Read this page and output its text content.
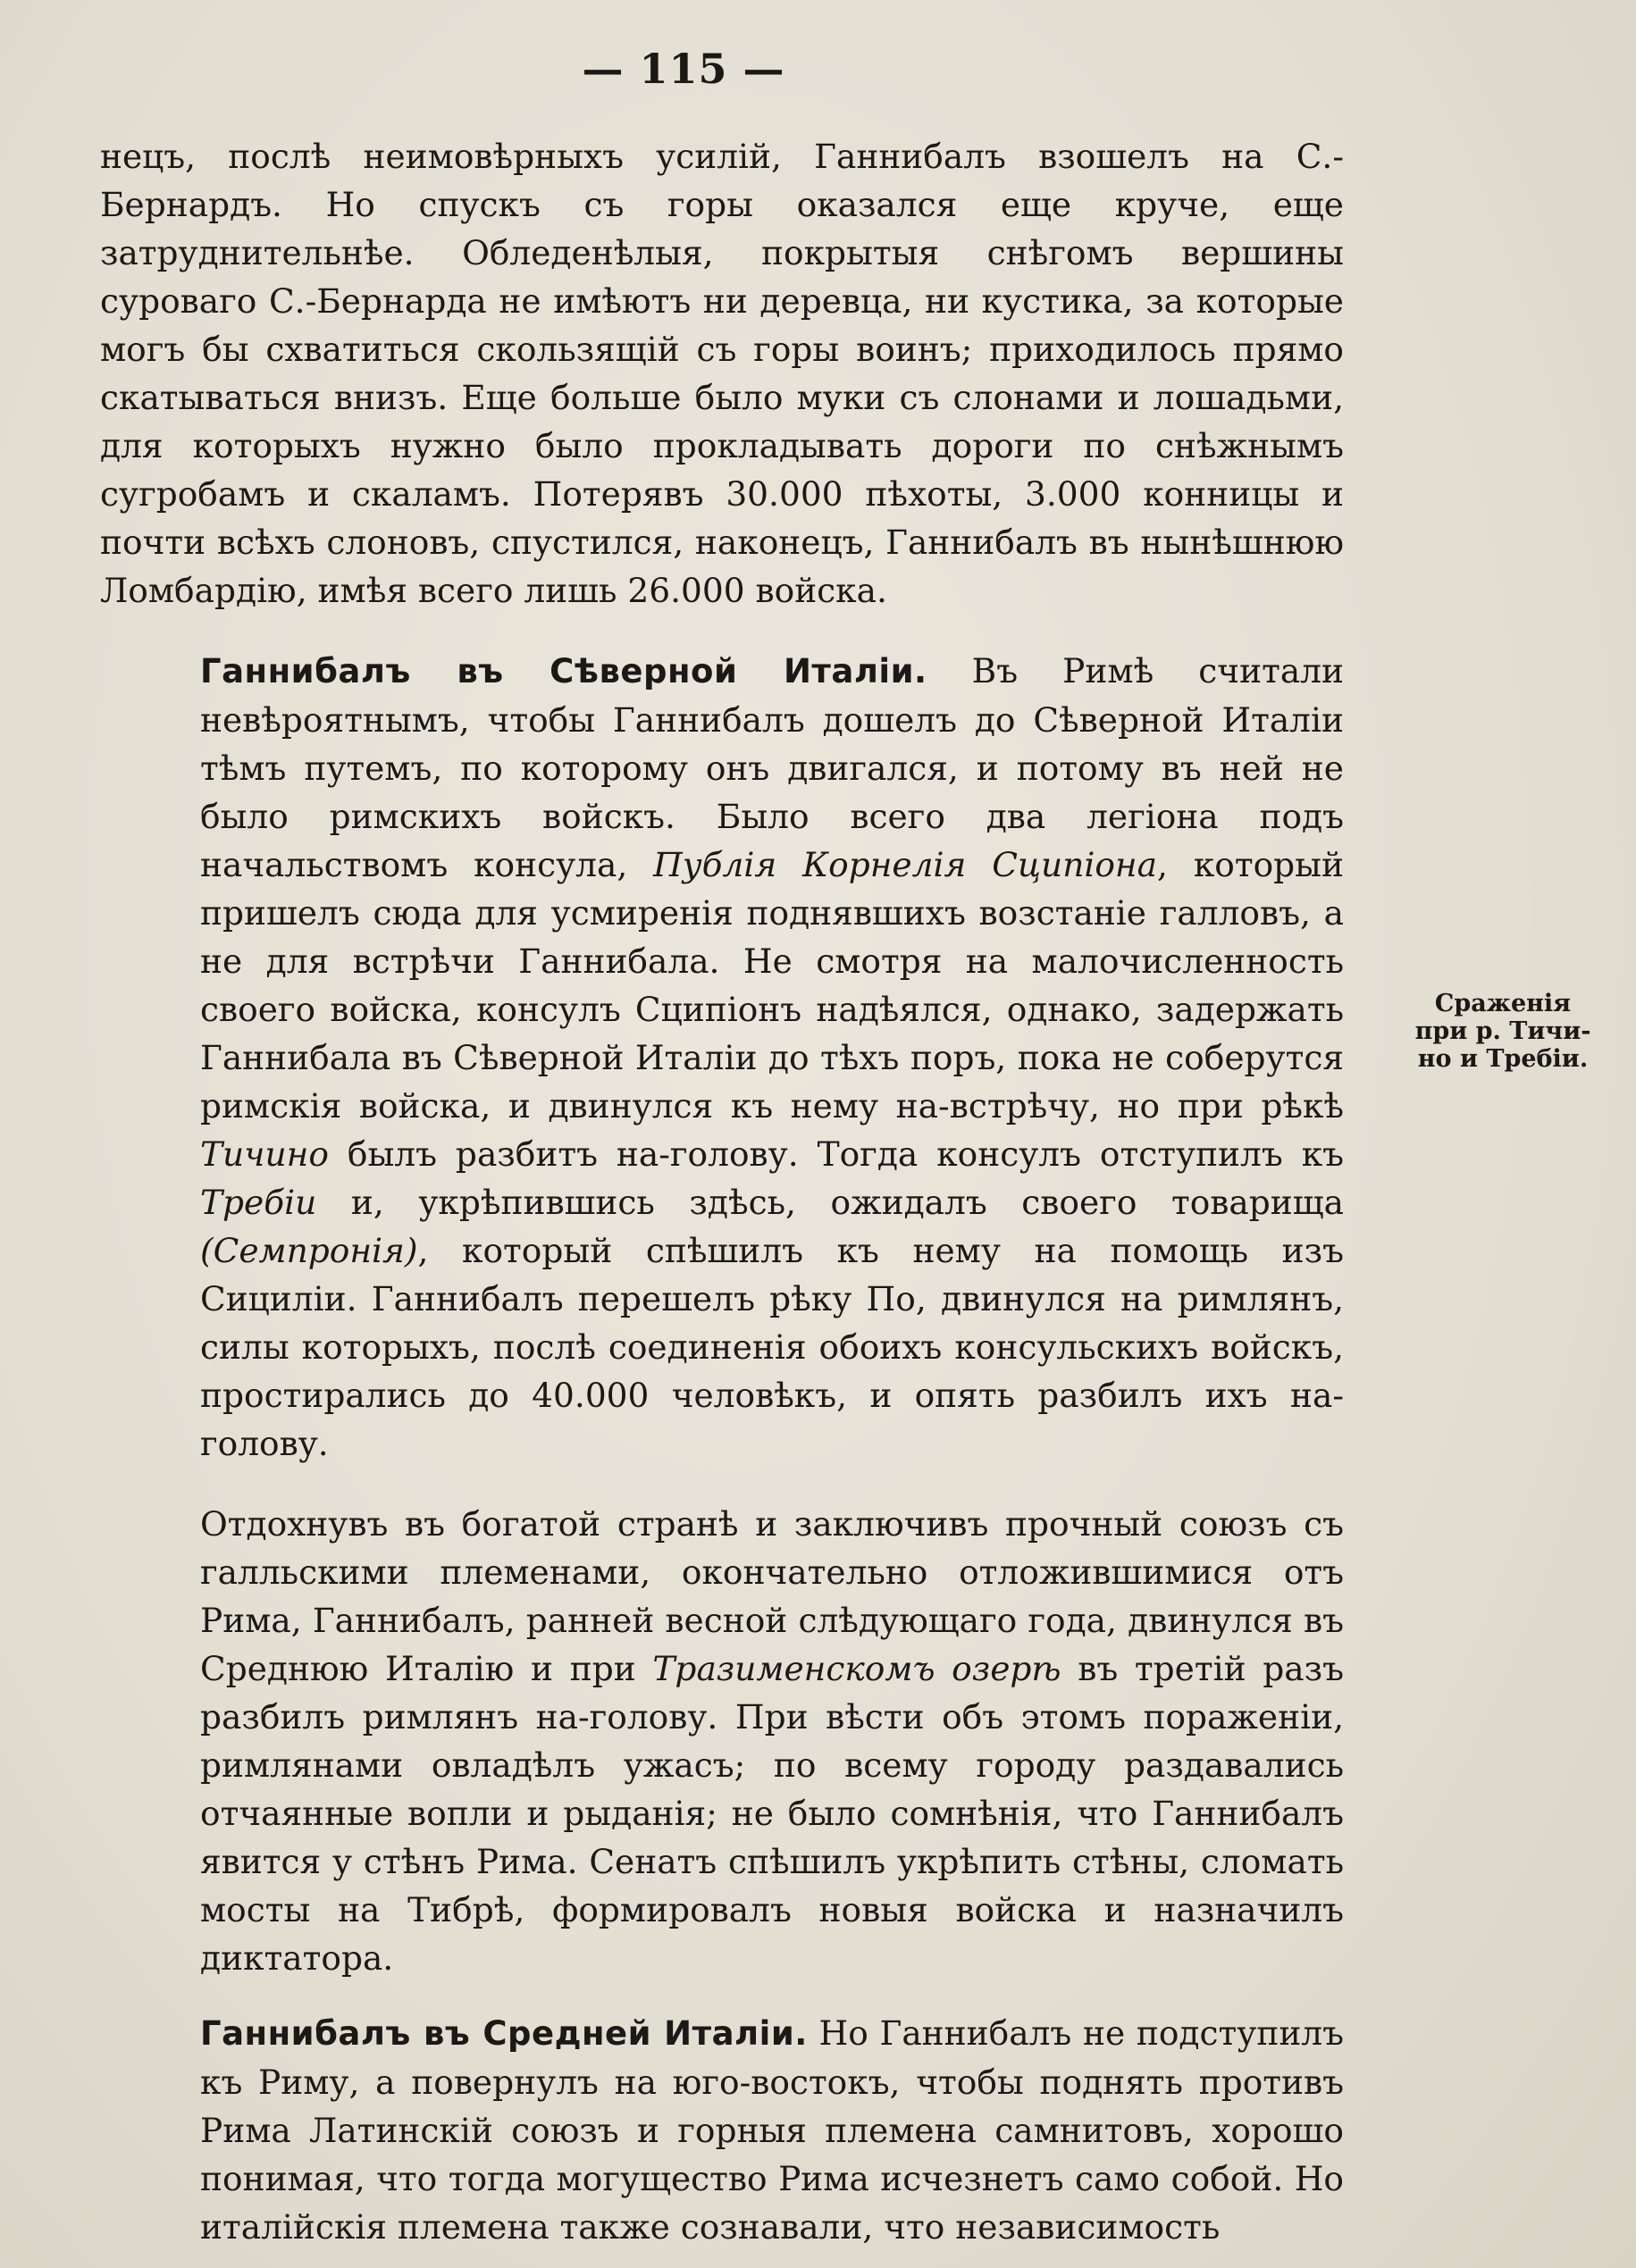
— 115 —

нецъ, послѣ неимовѣрныхъ усилій, Ганнибалъ взошелъ на С.-Бернардъ. Но спускъ съ горы оказался еще круче, еще затруднительнѣе. Обледенѣлыя, покрытыя снѣгомъ вершины суроваго С.-Бернарда не имѣютъ ни деревца, ни кустика, за которые могъ бы схватиться скользящій съ горы воинъ; приходилось прямо скатываться внизъ. Еще больше было муки съ слонами и лошадьми, для которыхъ нужно было прокладывать дороги по снѣжнымъ сугробамъ и скаламъ. Потерявъ 30.000 пѣхоты, 3.000 конницы и почти всѣхъ слоновъ, спустился, наконецъ, Ганнибалъ въ нынѣшнюю Ломбардію, имѣя всего лишь 26.000 войска.

Ганнибалъ въ Сѣверной Италіи. Въ Римѣ считали невѣроятнымъ, чтобы Ганнибалъ дошелъ до Сѣверной Италіи тѣмъ путемъ, по которому онъ двигался, и потому въ ней не было римскихъ войскъ. Было всего два легіона подъ начальствомъ консула, Публія Корнелія Сципіона, который пришелъ сюда для усмиренія поднявшихъ возстаніе галловъ, а не для встрѣчи Ганнибала. Не смотря на малочисленность своего войска, консулъ Сципіонъ надѣялся, однако, задержать Ганнибала въ Сѣверной Италіи до тѣхъ поръ, пока не соберутся римскія войска, и двинулся къ нему на-встрѣчу, но при рѣкѣ Тичино былъ разбитъ на-голову. Тогда консулъ отступилъ къ Требіи и, укрѣпившись здѣсь, ожидалъ своего товарища (Семпронія), который спѣшилъ къ нему на помощь изъ Сициліи. Ганнибалъ перешелъ рѣку По, двинулся на римлянъ, силы которыхъ, послѣ соединенія обоихъ консульскихъ войскъ, простирались до 40.000 человѣкъ, и опять разбилъ ихъ на-голову.

Отдохнувъ въ богатой странѣ и заключивъ прочный союзъ съ галльскими племенами, окончательно отложившимися отъ Рима, Ганнибалъ, ранней весной слѣдующаго года, двинулся въ Среднюю Италію и при Тразименскомъ озерѣ въ третій разъ разбилъ римлянъ на-голову. При вѣсти объ этомъ пораженіи, римлянами овладѣлъ ужасъ; по всему городу раздавались отчаянные вопли и рыданія; не было сомнѣнія, что Ганнибалъ явится у стѣнъ Рима. Сенатъ спѣшилъ укрѣпить стѣны, сломать мосты на Тибрѣ, формировалъ новыя войска и назначилъ диктатора.

Ганнибалъ въ Средней Италіи. Но Ганнибалъ не подступилъ къ Риму, а повернулъ на юго-востокъ, чтобы поднять противъ Рима Латинскій союзъ и горныя племена самнитовъ, хорошо понимая, что тогда могущество Рима исчезнетъ само собой. Но италійскія племена также сознавали, что независимость

Сраженія
при р. Тичи-
но и Требіи.
